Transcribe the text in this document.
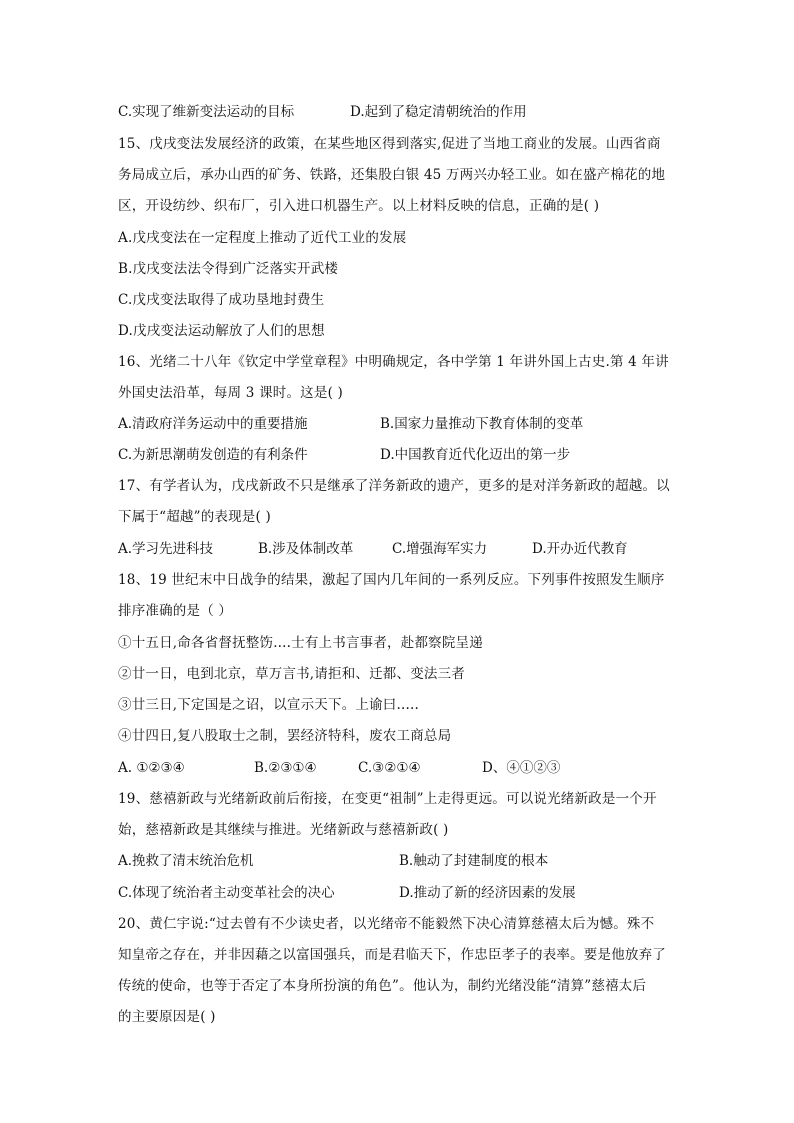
C.实现了维新变法运动的目标	D.起到了稳定清朝统治的作用
15、戊戌变法发展经济的政策，在某些地区得到落实,促进了当地工商业的发展。山西省商
务局成立后，承办山西的矿务、铁路，还集股白银 45 万两兴办轻工业。如在盛产棉花的地
区，开设纺纱、织布厂，引入进口机器生产。以上材料反映的信息，正确的是( )
A.戊戌变法在一定程度上推动了近代工业的发展
B.戊戌变法法令得到广泛落实开武楼
C.戊戌变法取得了成功垦地封费生
D.戊戌变法运动解放了人们的思想
16、光绪二十八年《钦定中学堂章程》中明确规定，各中学第 1 年讲外国上古史.第 4 年讲
外国史法沿革，每周 3 课时。这是( )
A.清政府洋务运动中的重要措施	B.国家力量推动下教育体制的变革
C.为新思潮萌发创造的有利条件	D.中国教育近代化迈出的第一步
17、有学者认为，戊戌新政不只是继承了洋务新政的遗产，更多的是对洋务新政的超越。以
下属于“超越”的表现是( )
A.学习先进科技	B.涉及体制改革	C.增强海军实力	D.开办近代教育
18、19 世纪末中日战争的结果，激起了国内几年间的一系列反应。下列事件按照发生顺序
排序准确的是（ ）
①十五日,命各省督抚整饬....士有上书言事者，赴都察院呈递
②廿一日，电到北京，草万言书,请拒和、迁都、变法三者
③廿三日,下定国是之诏，以宣示天下。上谕曰.....
④廿四日,复八股取士之制，罢经济特科，废农工商总局
A. ①②③④	B.②③①④	C.③②①④	D、④①②③
19、慈禧新政与光绪新政前后衔接，在变更“祖制”上走得更远。可以说光绪新政是一个开
始，慈禧新政是其继续与推进。光绪新政与慈禧新政( )
A.挽救了清末统治危机	B.触动了封建制度的根本
C.体现了统治者主动变革社会的决心	D.推动了新的经济因素的发展
20、黄仁宇说:“过去曾有不少读史者，以光绪帝不能毅然下决心清算慈禧太后为憾。殊不
知皇帝之存在，并非因藉之以富国强兵，而是君临天下，作忠臣孝子的表率。要是他放弃了
传统的使命，也等于否定了本身所扮演的角色”。他认为，制约光绪没能“清算”慈禧太后
的主要原因是( )
